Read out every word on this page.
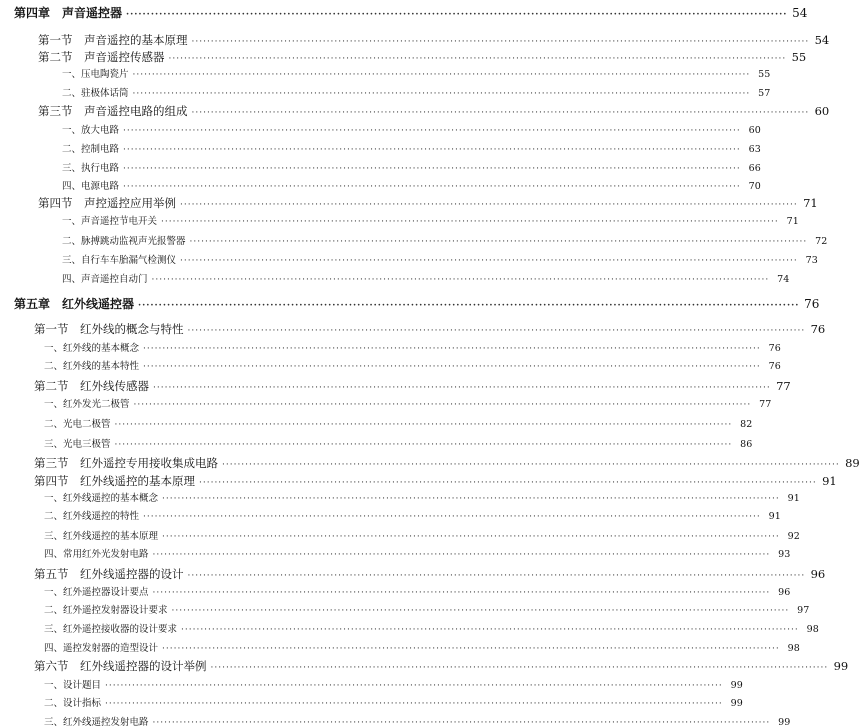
第四章　声音遥控器 ································································································································································ 54
第一节　声音遥控的基本原理 ································································································································································ 54
第二节　声音遥控传感器 ································································································································································ 55
一、压电陶瓷片 ································································································································································ 55
二、驻极体话筒 ································································································································································ 57
第三节　声音遥控电路的组成 ································································································································································ 60
一、放大电路 ································································································································································ 60
二、控制电路 ································································································································································ 63
三、执行电路 ································································································································································ 66
四、电源电路 ································································································································································ 70
第四节　声控遥控应用举例 ································································································································································ 71
一、声音遥控节电开关 ································································································································································ 71
二、脉搏跳动监视声光报警器 ································································································································································ 72
三、自行车车胎漏气检测仪 ································································································································································ 73
四、声音遥控自动门 ································································································································································ 74
第五章　红外线遥控器 ································································································································································ 76
第一节　红外线的概念与特性 ································································································································································ 76
一、红外线的基本概念 ································································································································································ 76
二、红外线的基本特性 ································································································································································ 76
第二节　红外线传感器 ································································································································································ 77
一、红外发光二极管 ································································································································································ 77
二、光电二极管 ································································································································································ 82
三、光电三极管 ································································································································································ 86
第三节　红外遥控专用接收集成电路 ································································································································································ 89
第四节　红外线遥控的基本原理 ································································································································································ 91
一、红外线遥控的基本概念 ································································································································································ 91
二、红外线遥控的特性 ································································································································································ 91
三、红外线遥控的基本原理 ································································································································································ 92
四、常用红外光发射电路 ································································································································································ 93
第五节　红外线遥控器的设计 ································································································································································ 96
一、红外遥控器设计要点 ································································································································································ 96
二、红外遥控发射器设计要求 ································································································································································ 97
三、红外遥控接收器的设计要求 ································································································································································ 98
四、遥控发射器的造型设计 ································································································································································ 98
第六节　红外线遥控器的设计举例 ································································································································································ 99
一、设计题目 ································································································································································ 99
二、设计指标 ································································································································································ 99
三、红外线遥控发射电路 ································································································································································ 99
